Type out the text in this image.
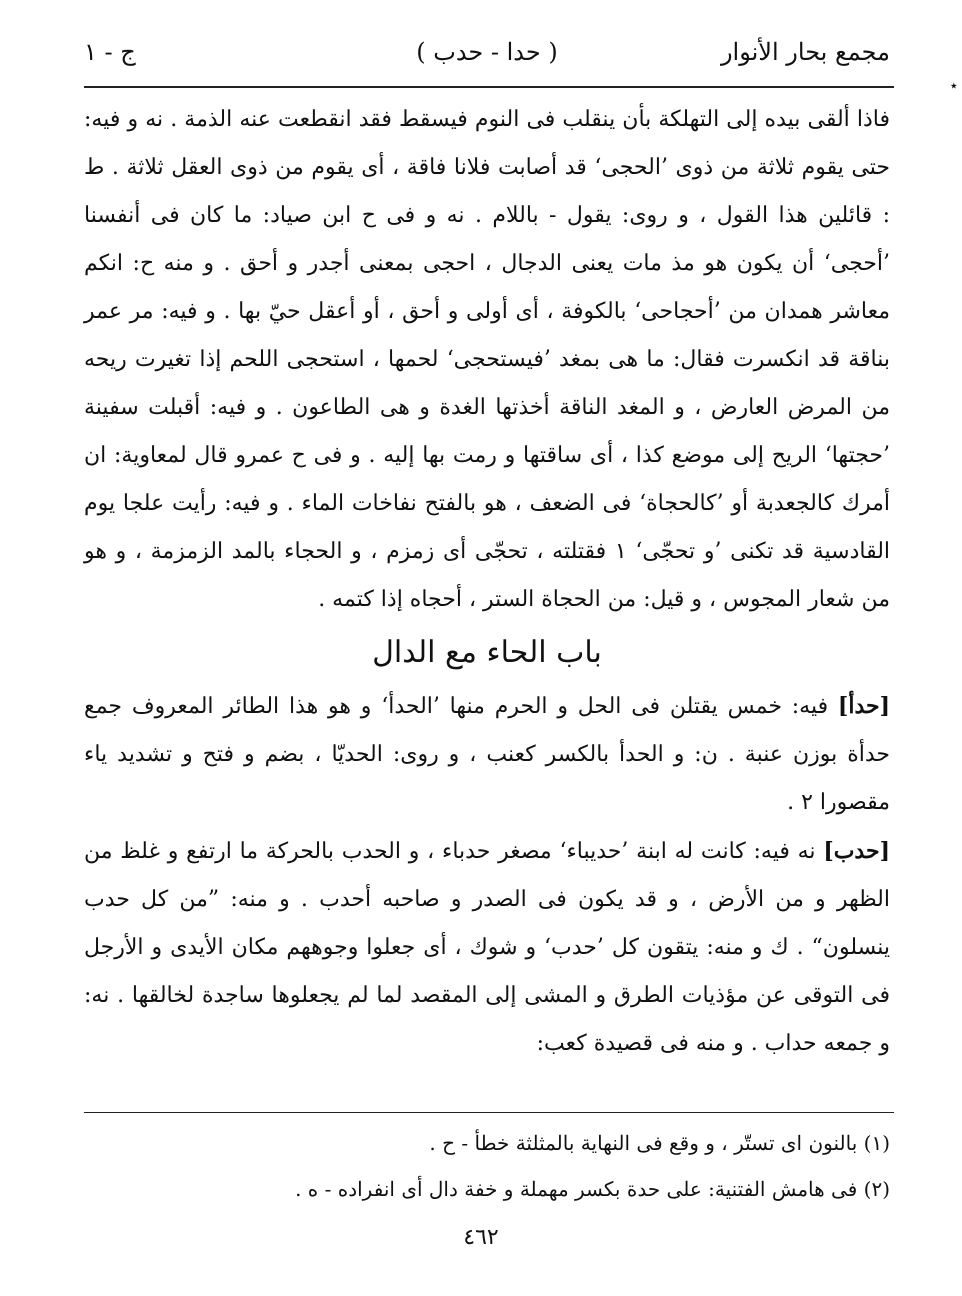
مجمع بحار الأنوار
( حدا - حدب )
ج - ١
٭

فاذا ألقى بيده إلى التهلكة بأن ينقلب فى النوم فيسقط فقد انقطعت عنه الذمة . نه و فيه: حتى يقوم ثلاثة من ذوى ’الحجى‘ قد أصابت فلانا فاقة ، أى يقوم من ذوى العقل ثلاثة . ط : قائلين هذا القول ، و روى: يقول - باللام . نه و فى ح ابن صياد: ما كان فى أنفسنا ’أحجى‘ أن يكون هو مذ مات يعنى الدجال ، احجى بمعنى أجدر و أحق . و منه ح: انكم معاشر همدان من ’أحجاحى‘ بالكوفة ، أى أولى و أحق ، أو أعقل حيّ بها . و فيه: مر عمر بناقة قد انكسرت فقال: ما هى بمغد ’فيستحجى‘ لحمها ، استحجى اللحم إذا تغيرت ريحه من المرض العارض ، و المغد الناقة أخذتها الغدة و هى الطاعون . و فيه: أقبلت سفينة ’حجتها‘ الريح إلى موضع كذا ، أى ساقتها و رمت بها إليه . و فى ح عمرو قال لمعاوية: ان أمرك كالجعدبة أو ’كالحجاة‘ فى الضعف ، هو بالفتح نفاخات الماء . و فيه: رأيت علجا يوم القادسية قد تكنى ’و تحجّى‘ ١ فقتلته ، تحجّى أى زمزم ، و الحجاء بالمد الزمزمة ، و هو من شعار المجوس ، و قيل: من الحجاة الستر ، أحجاه إذا كتمه .

باب الحاء مع الدال

[حدأ] فيه: خمس يقتلن فى الحل و الحرم منها ’الحدأ‘ و هو هذا الطائر المعروف جمع حدأة بوزن عنبة . ن: و الحدأ بالكسر كعنب ، و روى: الحديّا ، بضم و فتح و تشديد ياء مقصورا ٢ .

[حدب] نه فيه: كانت له ابنة ’حديباء‘ مصغر حدباء ، و الحدب بالحركة ما ارتفع و غلظ من الظهر و من الأرض ، و قد يكون فى الصدر و صاحبه أحدب . و منه: ”من كل حدب ينسلون“ . ك و منه: يتقون كل ’حدب‘ و شوك ، أى جعلوا وجوههم مكان الأيدى و الأرجل فى التوقى عن مؤذيات الطرق و المشى إلى المقصد لما لم يجعلوها ساجدة لخالقها . نه: و جمعه حداب . و منه فى قصيدة كعب:

(١) بالنون اى تستّر ، و وقع فى النهاية بالمثلثة خطأ - ح .

(٢) فى هامش الفتنية: على حدة بكسر مهملة و خفة دال أى انفراده - ه .

٤٦٢
